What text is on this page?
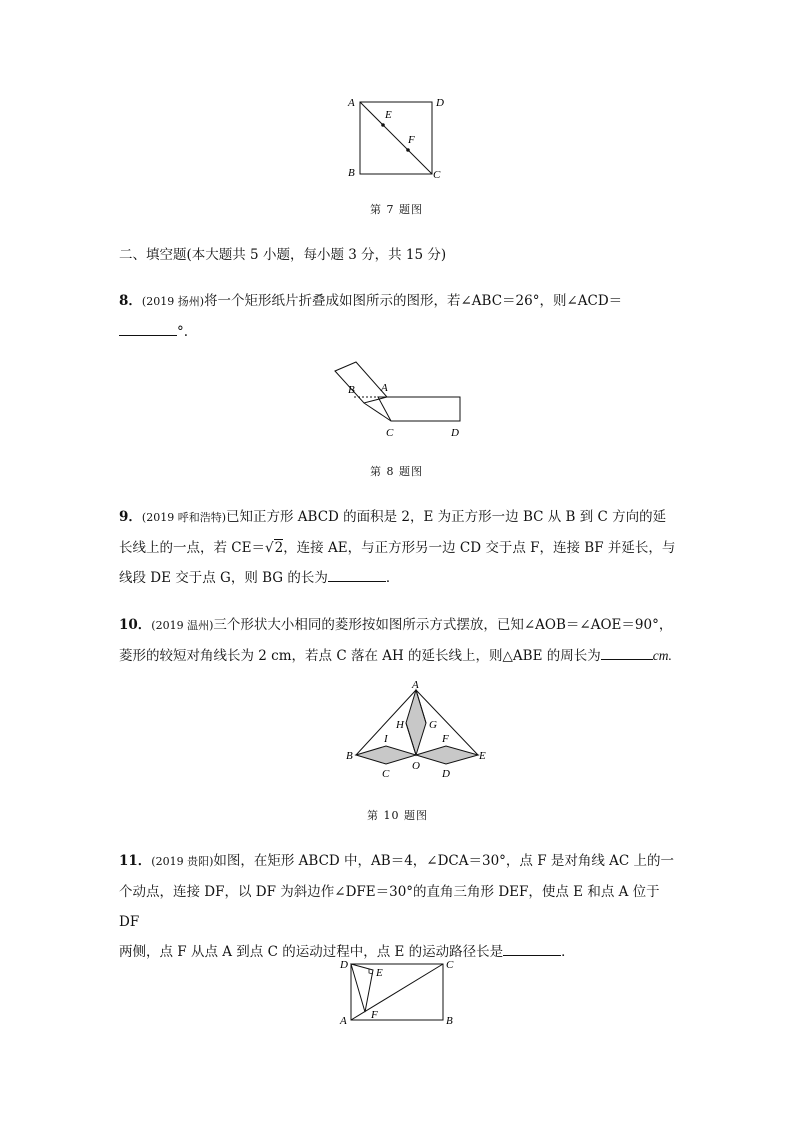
A	D
E
F
B	C
第 7 题图
二、填空题(本大题共 5 小题，每小题 3 分，共 15 分)
8．(2019 扬州)将一个矩形纸片折叠成如图所示的图形，若∠ABC＝26°，则∠ACD＝
°.
B A
C	D
第 8 题图
9．(2019 呼和浩特)已知正方形 ABCD 的面积是 2，E 为正方形一边 BC 从 B 到 C 方向的延
长线上的一点，若 CE＝√2，连接 AE，与正方形另一边 CD 交于点 F，连接 BF 并延长，与
线段 DE 交于点 G，则 BG 的长为	．
10．(2019 温州)三个形状大小相同的菱形按如图所示方式摆放，已知∠AOB＝∠AOE＝90°，
菱形的较短对角线长为 2 cm，若点 C 落在 AH 的延长线上，则△ABE 的周长为	cm.
A
H G
I	F
B	E
C
O
D
第 10 题图
11．(2019 贵阳)如图，在矩形 ABCD 中，AB＝4，∠DCA＝30°，点 F 是对角线 AC 上的一
个动点，连接 DF，以 DF 为斜边作∠DFE＝30°的直角三角形 DEF，使点 E 和点 A 位于 DF
两侧，点 F 从点 A 到点 C 的运动过程中，点 E 的运动路径长是	．
D
E
C
A F	B
